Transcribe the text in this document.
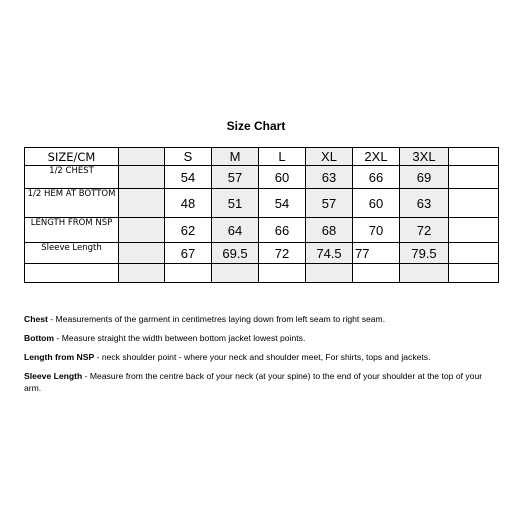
Size Chart
SIZE/CM		S	M	L	XL	2XL	3XL	
1/2 CHEST		54	57	60	63	66	69	
1/2 HEM AT BOTTOM		48	51	54	57	60	63	
LENGTH FROM NSP		62	64	66	68	70	72	
Sleeve Length		67	69.5	72	74.5	77	79.5	

Chest - Measurements of the garment in centimetres laying down from left seam to right seam.

Bottom - Measure straight the width between bottom jacket lowest points.

Length from NSP - neck shoulder point - where your neck and shoulder meet, For shirts, tops and jackets.

Sleeve Length - Measure from the centre back of your neck (at your spine) to the end of your shoulder at the top of your arm.
